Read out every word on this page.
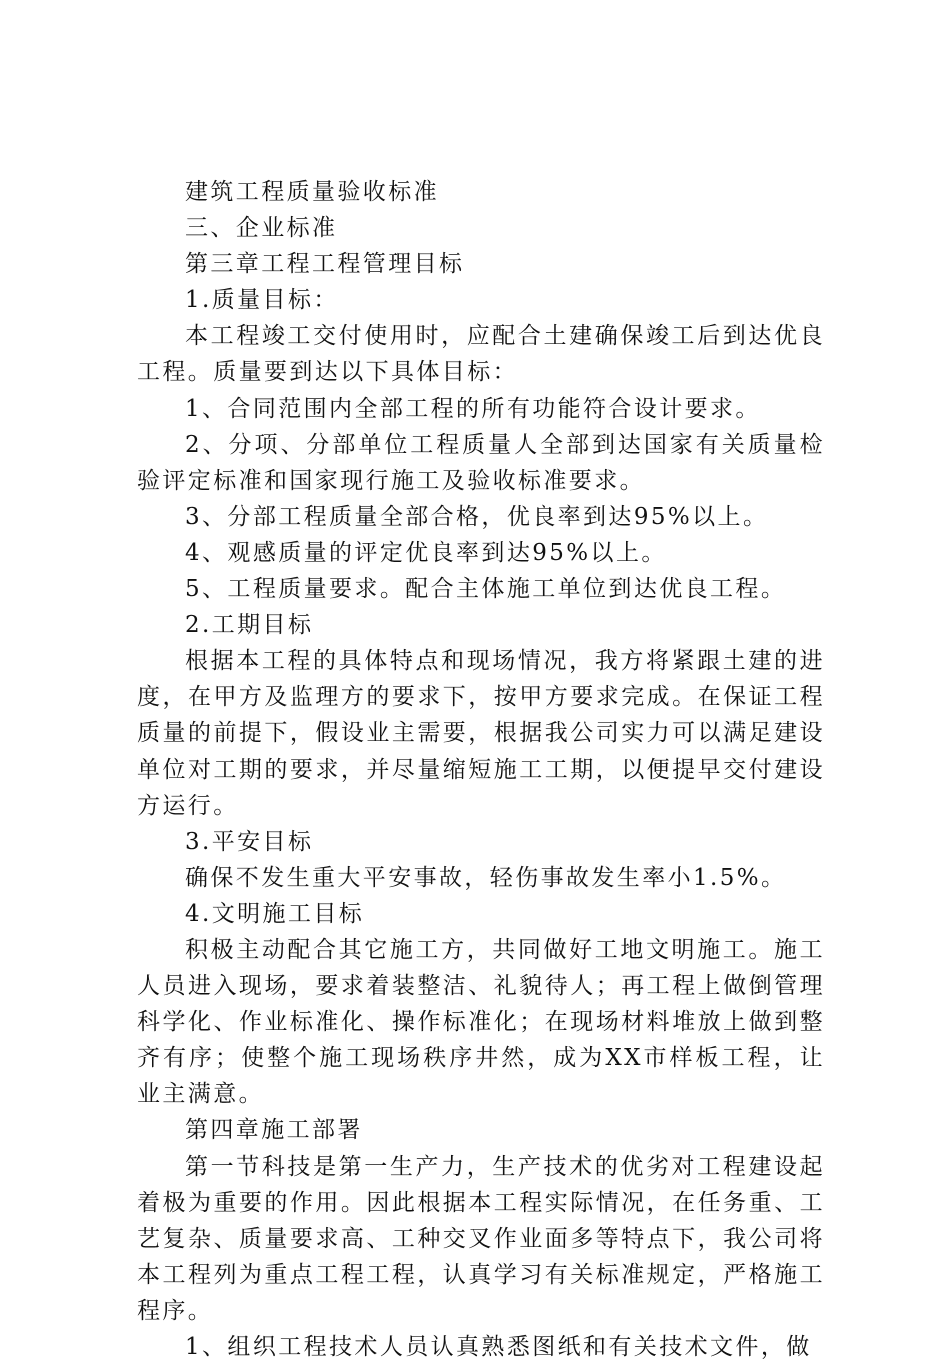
建筑工程质量验收标准

三、企业标准

第三章工程工程管理目标

1.质量目标：

本工程竣工交付使用时，应配合土建确保竣工后到达优良工程。质量要到达以下具体目标：

1、合同范围内全部工程的所有功能符合设计要求。

2、分项、分部单位工程质量人全部到达国家有关质量检验评定标准和国家现行施工及验收标准要求。

3、分部工程质量全部合格，优良率到达95%以上。

4、观感质量的评定优良率到达95%以上。

5、工程质量要求。配合主体施工单位到达优良工程。

2.工期目标

根据本工程的具体特点和现场情况，我方将紧跟土建的进度，在甲方及监理方的要求下，按甲方要求完成。在保证工程质量的前提下，假设业主需要，根据我公司实力可以满足建设单位对工期的要求，并尽量缩短施工工期，以便提早交付建设方运行。

3.平安目标

确保不发生重大平安事故，轻伤事故发生率小1.5%。

4.文明施工目标

积极主动配合其它施工方，共同做好工地文明施工。施工人员进入现场，要求着装整洁、礼貌待人；再工程上做倒管理科学化、作业标准化、操作标准化；在现场材料堆放上做到整齐有序；使整个施工现场秩序井然，成为XX市样板工程，让业主满意。

第四章施工部署

第一节科技是第一生产力，生产技术的优劣对工程建设起着极为重要的作用。因此根据本工程实际情况，在任务重、工艺复杂、质量要求高、工种交叉作业面多等特点下，我公司将本工程列为重点工程工程，认真学习有关标准规定，严格施工程序。

1、组织工程技术人员认真熟悉图纸和有关技术文件，做
